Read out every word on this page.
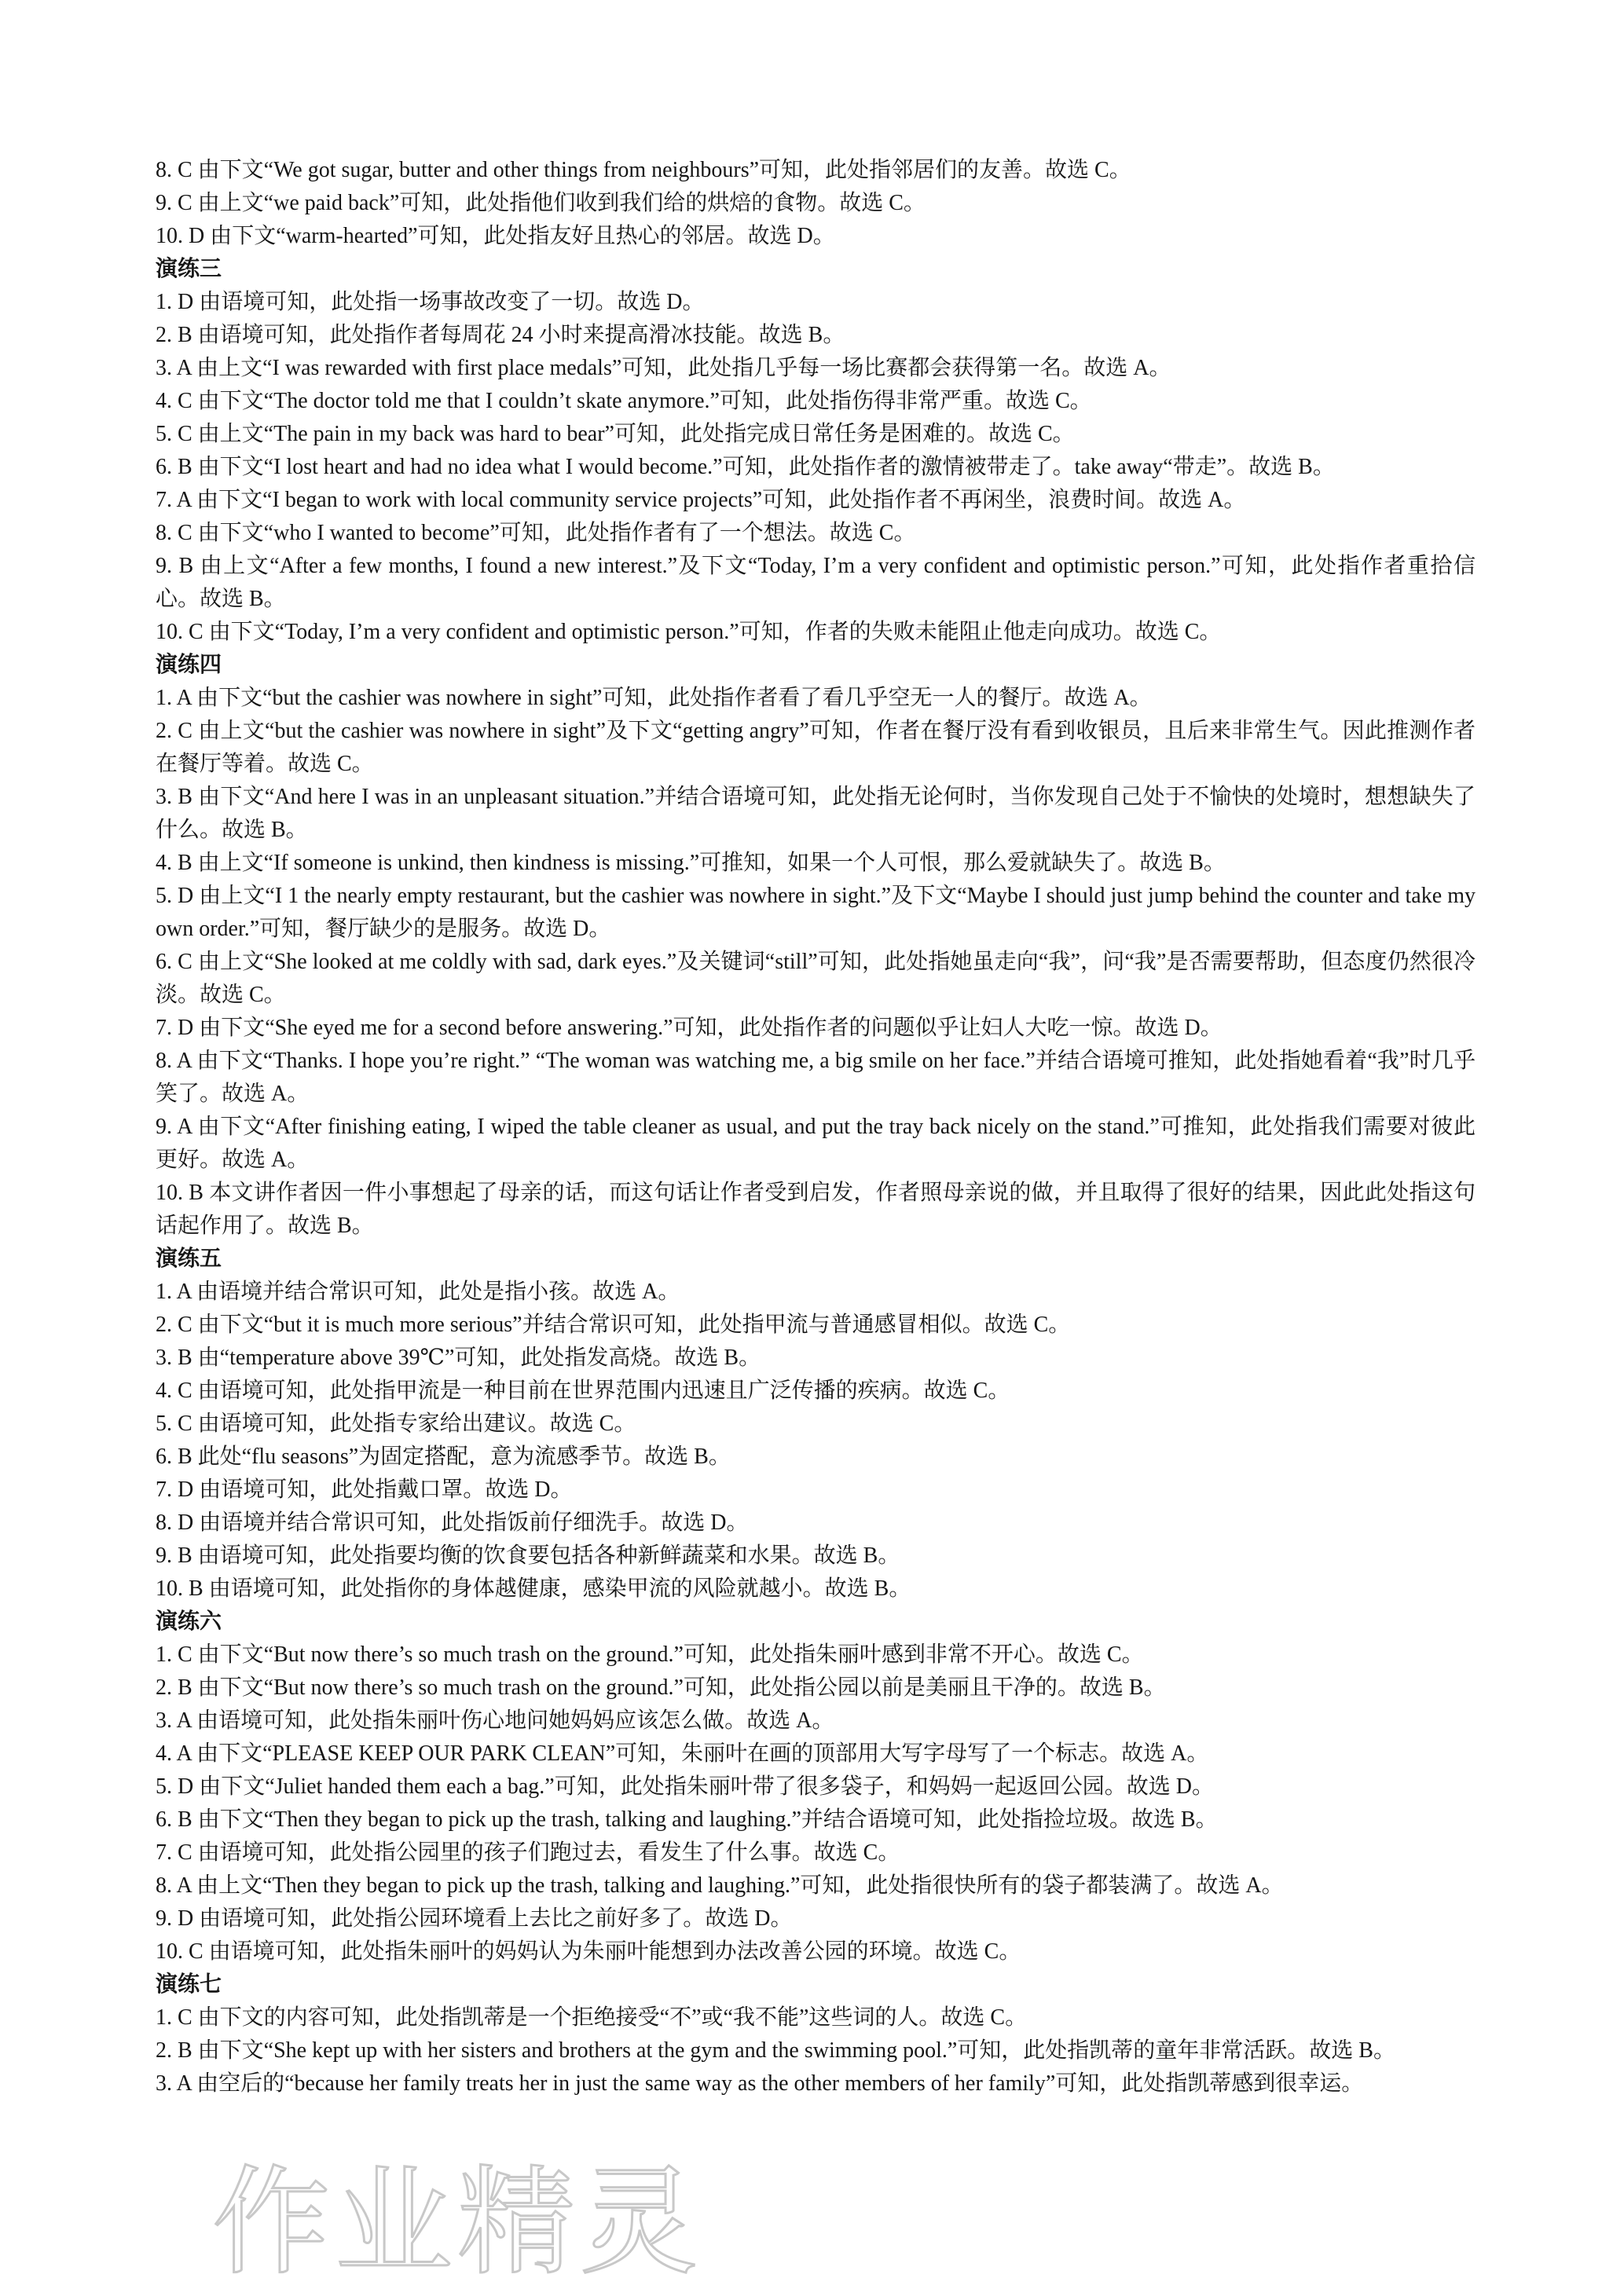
8. C 由下文“We got sugar, butter and other things from neighbours”可知，此处指邻居们的友善。故选 C。
9. C 由上文“we paid back”可知，此处指他们收到我们给的烘焙的食物。故选 C。
10. D 由下文“warm-hearted”可知，此处指友好且热心的邻居。故选 D。
演练三
1. D 由语境可知，此处指一场事故改变了一切。故选 D。
2. B 由语境可知，此处指作者每周花 24 小时来提高滑冰技能。故选 B。
3. A 由上文“I was rewarded with first place medals”可知，此处指几乎每一场比赛都会获得第一名。故选 A。
4. C 由下文“The doctor told me that I couldn’t skate anymore.”可知，此处指伤得非常严重。故选 C。
5. C 由上文“The pain in my back was hard to bear”可知，此处指完成日常任务是困难的。故选 C。
6. B 由下文“I lost heart and had no idea what I would become.”可知，此处指作者的激情被带走了。take away“带走”。故选 B。
7. A 由下文“I began to work with local community service projects”可知，此处指作者不再闲坐，浪费时间。故选 A。
8. C 由下文“who I wanted to become”可知，此处指作者有了一个想法。故选 C。
9. B 由上文“After a few months, I found a new interest.”及下文“Today, I’m a very confident and optimistic person.”可知，此处指作者重拾信心。故选 B。
10. C 由下文“Today, I’m a very confident and optimistic person.”可知，作者的失败未能阻止他走向成功。故选 C。
演练四
1. A 由下文“but the cashier was nowhere in sight”可知，此处指作者看了看几乎空无一人的餐厅。故选 A。
2. C 由上文“but the cashier was nowhere in sight”及下文“getting angry”可知，作者在餐厅没有看到收银员，且后来非常生气。因此推测作者在餐厅等着。故选 C。
3. B 由下文“And here I was in an unpleasant situation.”并结合语境可知，此处指无论何时，当你发现自己处于不愉快的处境时，想想缺失了什么。故选 B。
4. B 由上文“If someone is unkind, then kindness is missing.”可推知，如果一个人可恨，那么爱就缺失了。故选 B。
5. D 由上文“I 1 the nearly empty restaurant, but the cashier was nowhere in sight.”及下文“Maybe I should just jump behind the counter and take my own order.”可知，餐厅缺少的是服务。故选 D。
6. C 由上文“She looked at me coldly with sad, dark eyes.”及关键词“still”可知，此处指她虽走向“我”，问“我”是否需要帮助，但态度仍然很冷淡。故选 C。
7. D 由下文“She eyed me for a second before answering.”可知，此处指作者的问题似乎让妇人大吃一惊。故选 D。
8. A 由下文“Thanks. I hope you’re right.” “The woman was watching me, a big smile on her face.”并结合语境可推知，此处指她看着“我”时几乎笑了。故选 A。
9. A 由下文“After finishing eating, I wiped the table cleaner as usual, and put the tray back nicely on the stand.”可推知，此处指我们需要对彼此更好。故选 A。
10. B 本文讲作者因一件小事想起了母亲的话，而这句话让作者受到启发，作者照母亲说的做，并且取得了很好的结果，因此此处指这句话起作用了。故选 B。
演练五
1. A 由语境并结合常识可知，此处是指小孩。故选 A。
2. C 由下文“but it is much more serious”并结合常识可知，此处指甲流与普通感冒相似。故选 C。
3. B 由“temperature above 39℃”可知，此处指发高烧。故选 B。
4. C 由语境可知，此处指甲流是一种目前在世界范围内迅速且广泛传播的疾病。故选 C。
5. C 由语境可知，此处指专家给出建议。故选 C。
6. B 此处“flu seasons”为固定搭配，意为流感季节。故选 B。
7. D 由语境可知，此处指戴口罩。故选 D。
8. D 由语境并结合常识可知，此处指饭前仔细洗手。故选 D。
9. B 由语境可知，此处指要均衡的饮食要包括各种新鲜蔬菜和水果。故选 B。
10. B 由语境可知，此处指你的身体越健康，感染甲流的风险就越小。故选 B。
演练六
1. C 由下文“But now there’s so much trash on the ground.”可知，此处指朱丽叶感到非常不开心。故选 C。
2. B 由下文“But now there’s so much trash on the ground.”可知，此处指公园以前是美丽且干净的。故选 B。
3. A 由语境可知，此处指朱丽叶伤心地问她妈妈应该怎么做。故选 A。
4. A 由下文“PLEASE KEEP OUR PARK CLEAN”可知，朱丽叶在画的顶部用大写字母写了一个标志。故选 A。
5. D 由下文“Juliet handed them each a bag.”可知，此处指朱丽叶带了很多袋子，和妈妈一起返回公园。故选 D。
6. B 由下文“Then they began to pick up the trash, talking and laughing.”并结合语境可知，此处指捡垃圾。故选 B。
7. C 由语境可知，此处指公园里的孩子们跑过去，看发生了什么事。故选 C。
8. A 由上文“Then they began to pick up the trash, talking and laughing.”可知，此处指很快所有的袋子都装满了。故选 A。
9. D 由语境可知，此处指公园环境看上去比之前好多了。故选 D。
10. C 由语境可知，此处指朱丽叶的妈妈认为朱丽叶能想到办法改善公园的环境。故选 C。
演练七
1. C 由下文的内容可知，此处指凯蒂是一个拒绝接受“不”或“我不能”这些词的人。故选 C。
2. B 由下文“She kept up with her sisters and brothers at the gym and the swimming pool.”可知，此处指凯蒂的童年非常活跃。故选 B。
3. A 由空后的“because her family treats her in just the same way as the other members of her family”可知，此处指凯蒂感到很幸运。
作业精灵
